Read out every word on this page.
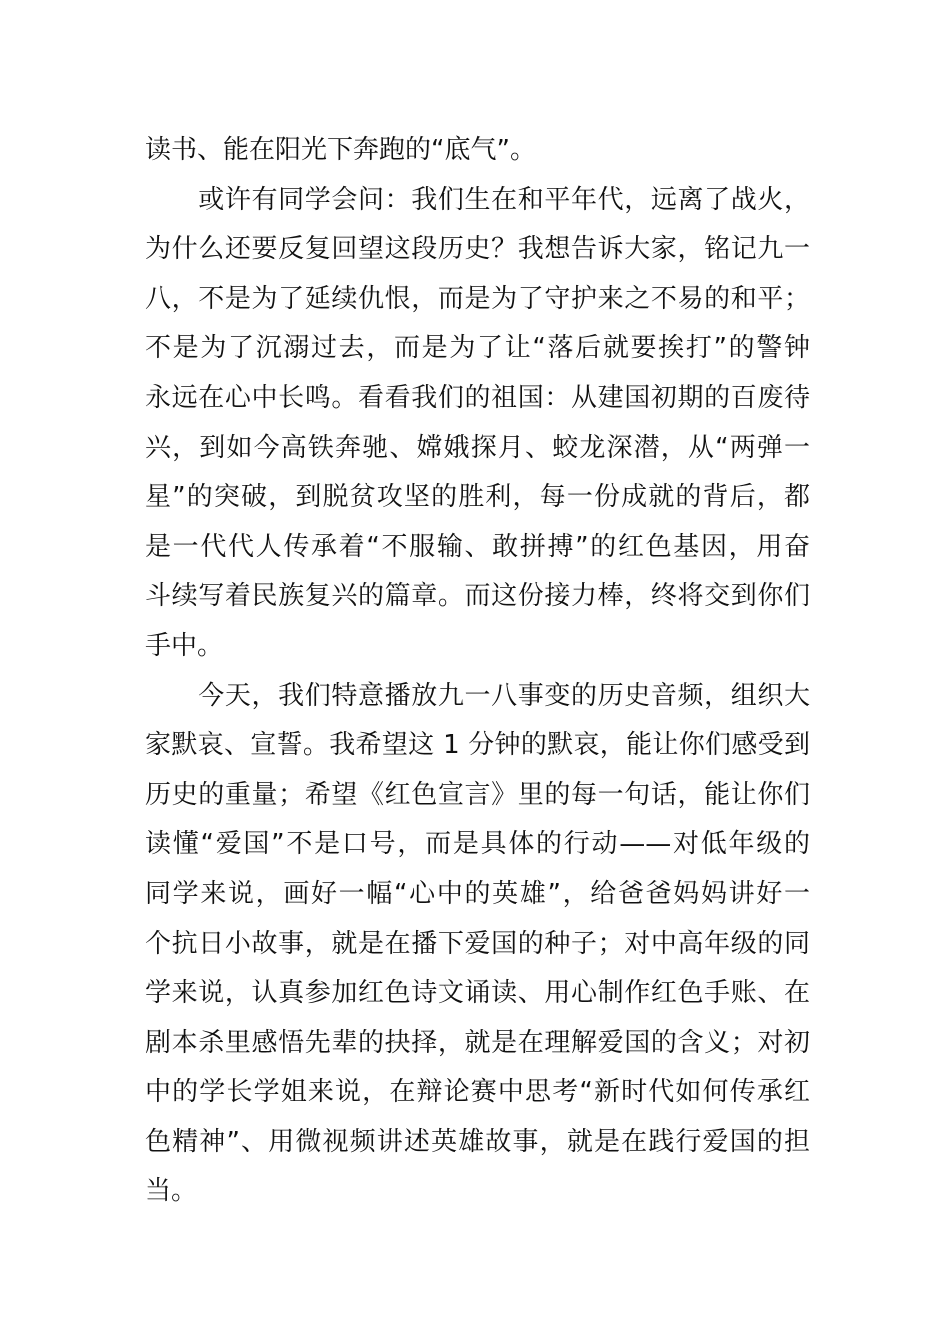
读书、能在阳光下奔跑的“底气”。
　　或许有同学会问：我们生在和平年代，远离了战火，
为什么还要反复回望这段历史？我想告诉大家，铭记九一
八，不是为了延续仇恨，而是为了守护来之不易的和平；
不是为了沉溺过去，而是为了让“落后就要挨打”的警钟
永远在心中长鸣。看看我们的祖国：从建国初期的百废待
兴，到如今高铁奔驰、嫦娥探月、蛟龙深潜，从“两弹一
星”的突破，到脱贫攻坚的胜利，每一份成就的背后，都
是一代代人传承着“不服输、敢拼搏”的红色基因，用奋
斗续写着民族复兴的篇章。而这份接力棒，终将交到你们
手中。
　　今天，我们特意播放九一八事变的历史音频，组织大
家默哀、宣誓。我希望这 1 分钟的默哀，能让你们感受到
历史的重量；希望《红色宣言》里的每一句话，能让你们
读懂“爱国”不是口号，而是具体的行动——对低年级的
同学来说，画好一幅“心中的英雄”，给爸爸妈妈讲好一
个抗日小故事，就是在播下爱国的种子；对中高年级的同
学来说，认真参加红色诗文诵读、用心制作红色手账、在
剧本杀里感悟先辈的抉择，就是在理解爱国的含义；对初
中的学长学姐来说，在辩论赛中思考“新时代如何传承红
色精神”、用微视频讲述英雄故事，就是在践行爱国的担
当。
